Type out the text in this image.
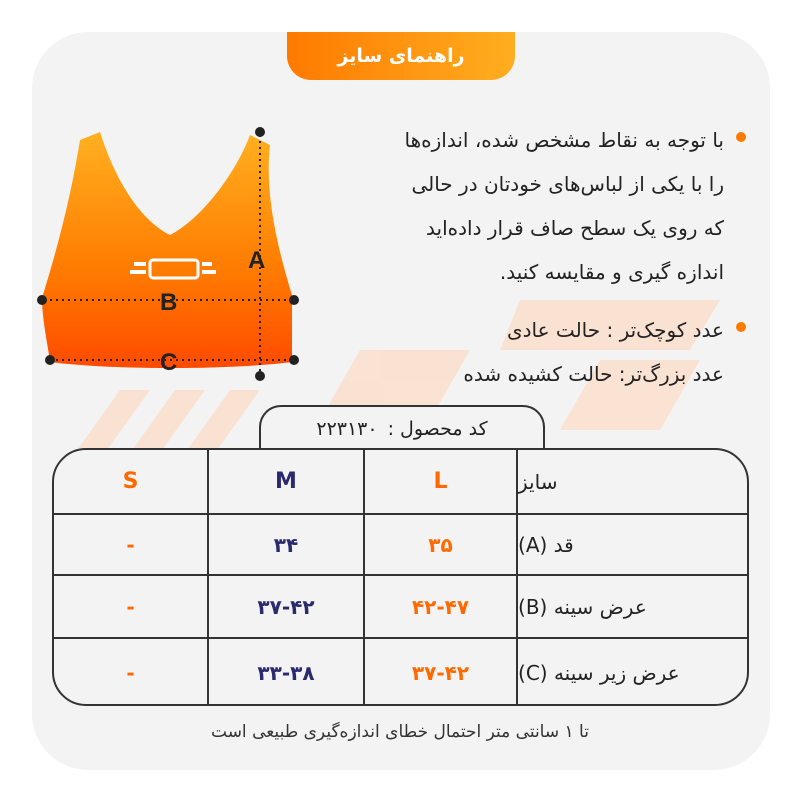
راهنمای سایز
A
B
C
با توجه به نقاط مشخص شده، اندازه‌ها
را با یکی از لباس‌های خودتان در حالی
که روی یک سطح صاف قرار داده‌اید
اندازه گیری و مقایسه کنید.
عدد کوچک‌تر : حالت عادی
عدد بزرگ‌تر: حالت کشیده شده
کد محصول :
۲۲۳۱۳۰
سایز
L
M
S
قد (A)
۳۵
۳۴
-
عرض سینه (B)
۴۲-۴۷
۳۷-۴۲
-
عرض زیر سینه (C)
۳۷-۴۲
۳۳-۳۸
-
تا ۱ سانتی متر احتمال خطای اندازه‌گیری طبیعی است
